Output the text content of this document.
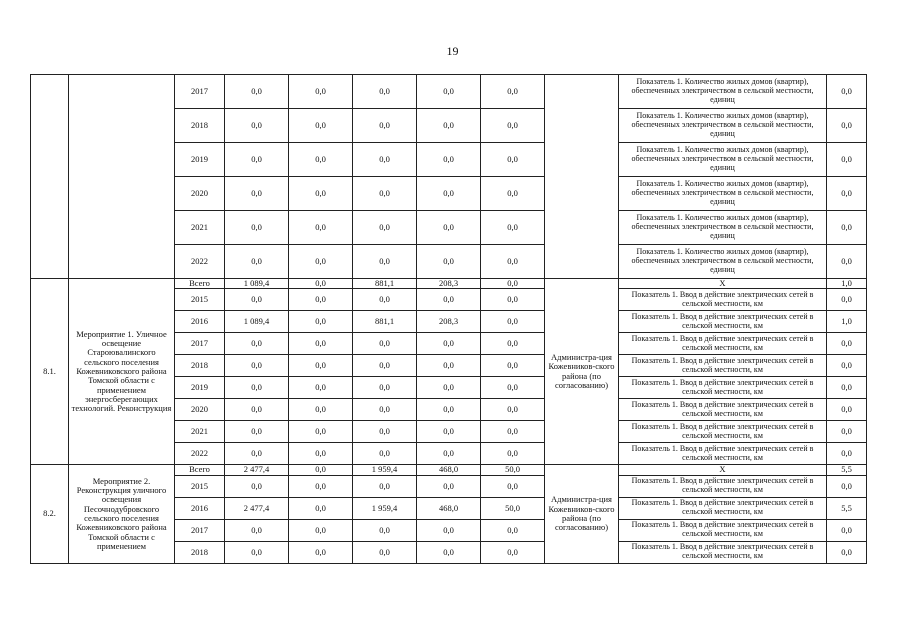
19
		2017	0,0	0,0	0,0	0,0	0,0		Показатель 1. Количество жилых домов (квартир), обеспеченных электричеством в сельской местности, единиц	0,0
		2018	0,0	0,0	0,0	0,0	0,0		Показатель 1. Количество жилых домов (квартир), обеспеченных электричеством в сельской местности, единиц	0,0
		2019	0,0	0,0	0,0	0,0	0,0		Показатель 1. Количество жилых домов (квартир), обеспеченных электричеством в сельской местности, единиц	0,0
		2020	0,0	0,0	0,0	0,0	0,0		Показатель 1. Количество жилых домов (квартир), обеспеченных электричеством в сельской местности, единиц	0,0
		2021	0,0	0,0	0,0	0,0	0,0		Показатель 1. Количество жилых домов (квартир), обеспеченных электричеством в сельской местности, единиц	0,0
		2022	0,0	0,0	0,0	0,0	0,0		Показатель 1. Количество жилых домов (квартир), обеспеченных электричеством в сельской местности, единиц	0,0
8.1.	Мероприятие 1. Уличное освещение Староювалинского сельского поселения Кожевниковского района Томской области с применением энергосберегающих технологий. Реконструкция	Всего	1 089,4	0,0	881,1	208,3	0,0	Администра-ция Кожевников-ского района (по согласованию)	X	1,0
		2015	0,0	0,0	0,0	0,0	0,0		Показатель 1. Ввод в действие электрических сетей в сельской местности, км	0,0
		2016	1 089,4	0,0	881,1	208,3	0,0		Показатель 1. Ввод в действие электрических сетей в сельской местности, км	1,0
		2017	0,0	0,0	0,0	0,0	0,0		Показатель 1. Ввод в действие электрических сетей в сельской местности, км	0,0
		2018	0,0	0,0	0,0	0,0	0,0		Показатель 1. Ввод в действие электрических сетей в сельской местности, км	0,0
		2019	0,0	0,0	0,0	0,0	0,0		Показатель 1. Ввод в действие электрических сетей в сельской местности, км	0,0
		2020	0,0	0,0	0,0	0,0	0,0		Показатель 1. Ввод в действие электрических сетей в сельской местности, км	0,0
		2021	0,0	0,0	0,0	0,0	0,0		Показатель 1. Ввод в действие электрических сетей в сельской местности, км	0,0
		2022	0,0	0,0	0,0	0,0	0,0		Показатель 1. Ввод в действие электрических сетей в сельской местности, км	0,0
8.2.	Мероприятие 2. Реконструкция уличного освещения Песочнодубровского сельского поселения Кожевниковского района Томской области с применением	Всего	2 477,4	0,0	1 959,4	468,0	50,0	Администра-ция Кожевников-ского района (по согласованию)	X	5,5
		2015	0,0	0,0	0,0	0,0	0,0		Показатель 1. Ввод в действие электрических сетей в сельской местности, км	0,0
		2016	2 477,4	0,0	1 959,4	468,0	50,0		Показатель 1. Ввод в действие электрических сетей в сельской местности, км	5,5
		2017	0,0	0,0	0,0	0,0	0,0		Показатель 1. Ввод в действие электрических сетей в сельской местности, км	0,0
		2018	0,0	0,0	0,0	0,0	0,0		Показатель 1. Ввод в действие электрических сетей в сельской местности, км	0,0
